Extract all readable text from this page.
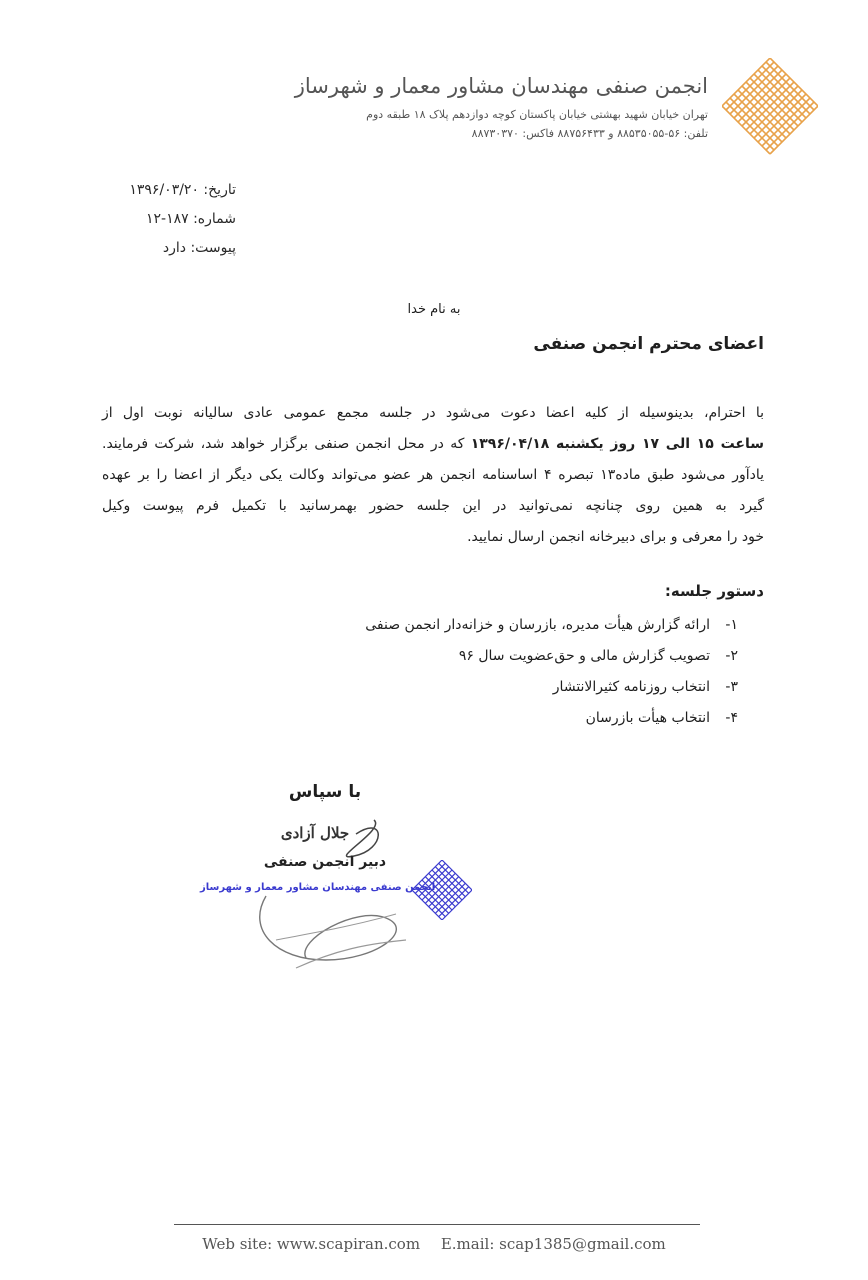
انجمن صنفی مهندسان مشاور معمار و شهرساز
تهران خیابان شهید بهشتی خیابان پاکستان کوچه دوازدهم پلاک ۱۸ طبقه دوم
تلفن: ۵۶-۸۸۵۳۵۰۵۵ و ۸۸۷۵۶۴۳۳ فاکس: ۸۸۷۳۰۳۷۰
تاریخ: ۱۳۹۶/۰۳/۲۰
شماره: ۱۸۷-۱۲
پیوست: دارد
به نام خدا
اعضای محترم انجمن صنفی
با احترام، بدینوسیله از کلیه اعضا دعوت می‌شود در جلسه مجمع عمومی عادی سالیانه نوبت اول از
ساعت ۱۵ الی ۱۷ روز یکشنبه ۱۳۹۶/۰۴/۱۸ که در محل انجمن صنفی برگزار خواهد شد، شرکت فرمایند.
یادآور می‌شود طبق ماده۱۳ تبصره ۴ اساسنامه انجمن هر عضو می‌تواند وکالت یکی دیگر از اعضا را بر عهده
گیرد به همین روی چنانچه نمی‌توانید در این جلسه حضور بهمرسانید با تکمیل فرم پیوست وکیل
خود را معرفی و برای دبیرخانه انجمن ارسال نمایید.
دستور جلسه:
۱-ارائه گزارش هیأت مدیره، بازرسان و خزانه‌دار انجمن صنفی
۲-تصویب گزارش مالی و حق‌عضویت سال ۹۶
۳-انتخاب روزنامه کثیرالانتشار
۴-انتخاب هیأت بازرسان
با سپاس
جلال آزادی
دبیر انجمن صنفی
انجمن صنفی مهندسان مشاور معمار و شهرساز
Web site: www.scapiran.com E.mail: scap1385@gmail.com
